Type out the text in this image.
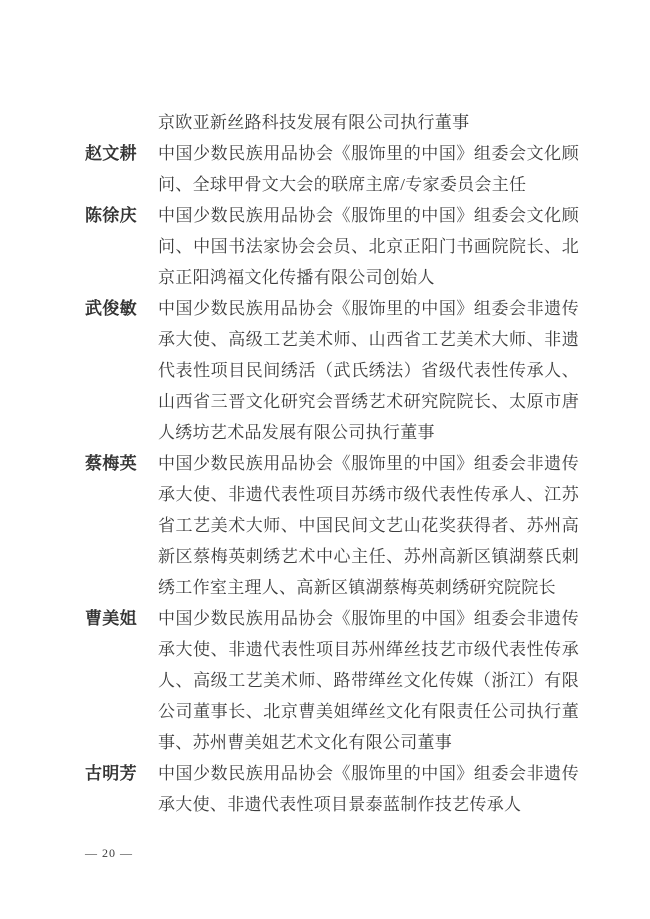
京欧亚新丝路科技发展有限公司执行董事
赵文耕	中国少数民族用品协会《服饰里的中国》组委会文化顾问、全球甲骨文大会的联席主席/专家委员会主任
陈徐庆	中国少数民族用品协会《服饰里的中国》组委会文化顾问、中国书法家协会会员、北京正阳门书画院院长、北京正阳鸿福文化传播有限公司创始人
武俊敏	中国少数民族用品协会《服饰里的中国》组委会非遗传承大使、高级工艺美术师、山西省工艺美术大师、非遗代表性项目民间绣活（武氏绣法）省级代表性传承人、山西省三晋文化研究会晋绣艺术研究院院长、太原市唐人绣坊艺术品发展有限公司执行董事
蔡梅英	中国少数民族用品协会《服饰里的中国》组委会非遗传承大使、非遗代表性项目苏绣市级代表性传承人、江苏省工艺美术大师、中国民间文艺山花奖获得者、苏州高新区蔡梅英刺绣艺术中心主任、苏州高新区镇湖蔡氏刺绣工作室主理人、高新区镇湖蔡梅英刺绣研究院院长
曹美姐	中国少数民族用品协会《服饰里的中国》组委会非遗传承大使、非遗代表性项目苏州缂丝技艺市级代表性传承人、高级工艺美术师、路带缂丝文化传媒（浙江）有限公司董事长、北京曹美姐缂丝文化有限责任公司执行董事、苏州曹美姐艺术文化有限公司董事
古明芳	中国少数民族用品协会《服饰里的中国》组委会非遗传承大使、非遗代表性项目景泰蓝制作技艺传承人
— 20 —
